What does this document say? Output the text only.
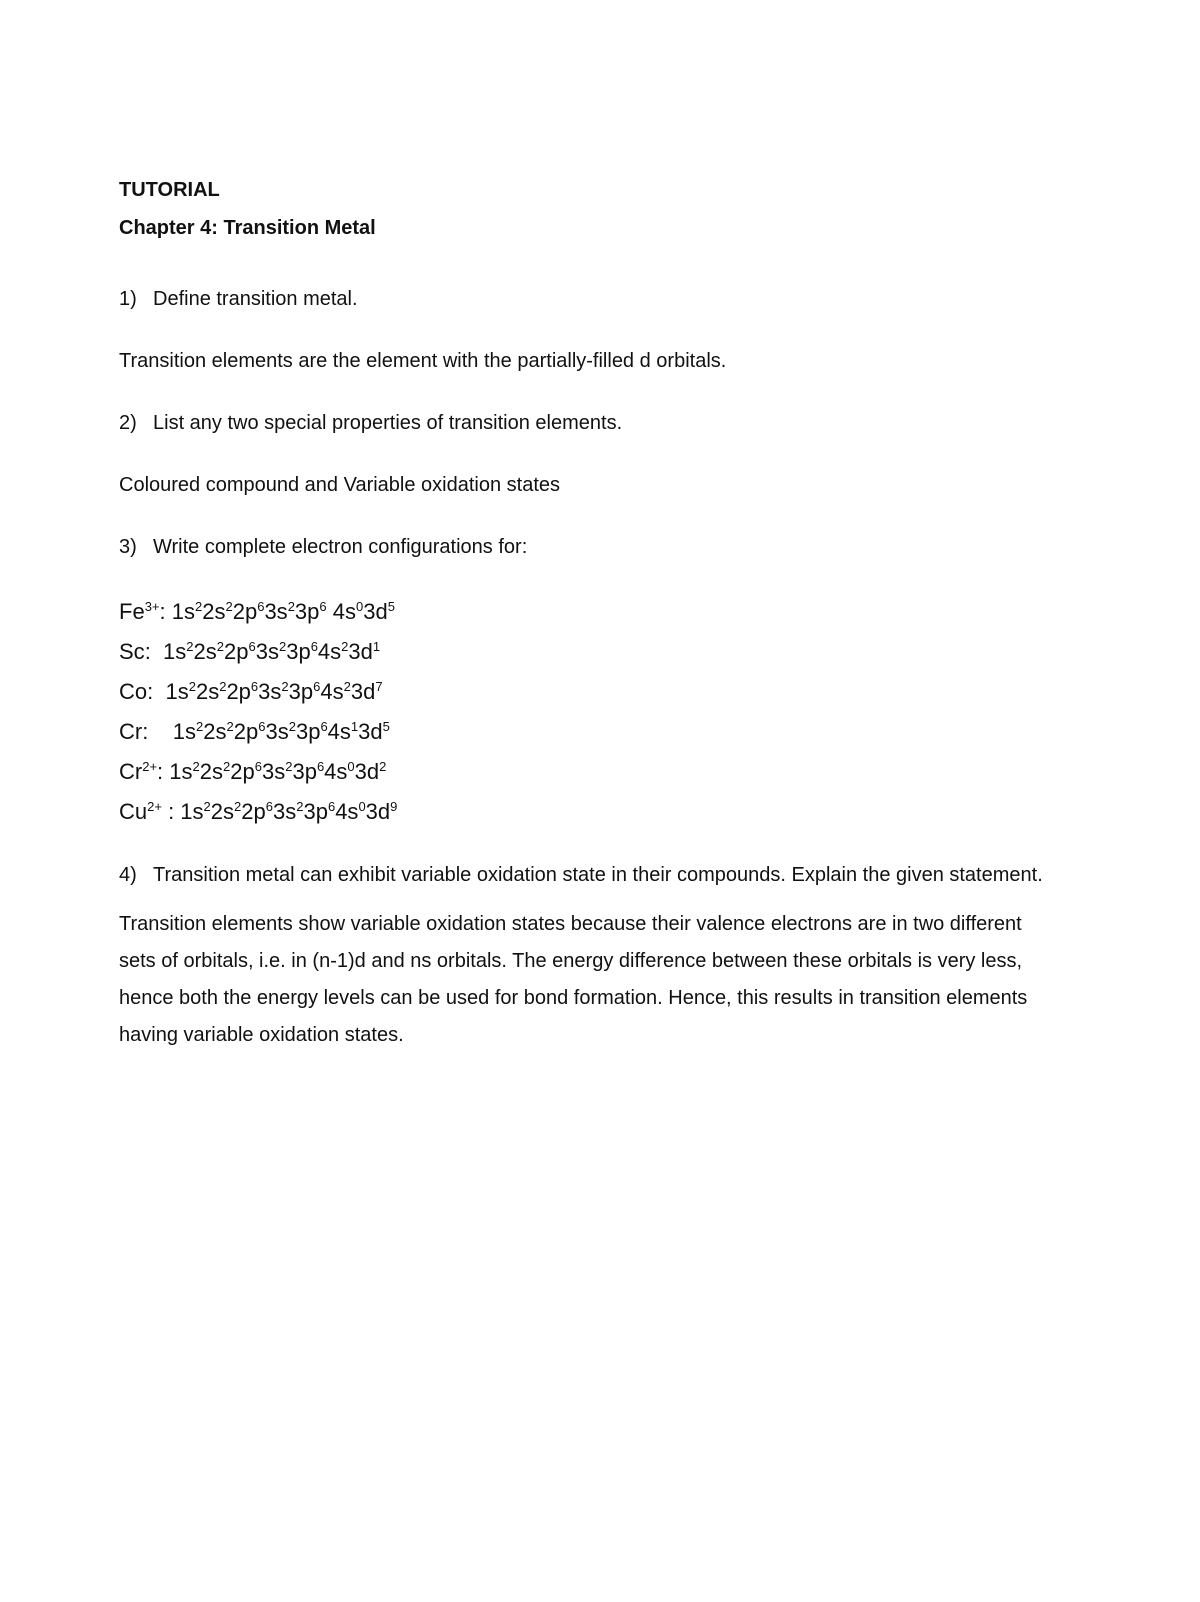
TUTORIAL

Chapter 4: Transition Metal

1) Define transition metal.

Transition elements are the element with the partially-filled d orbitals.

2) List any two special properties of transition elements.

Coloured compound and Variable oxidation states

3) Write complete electron configurations for:
$Fe^{3+}$: $1s^22s^22p^63s^23p^6$ $4s^03d^5$
Sc:  $1s^22s^22p^63s^23p^64s^23d^1$
Co:  $1s^22s^22p^63s^23p^64s^23d^7$
Cr:    $1s^22s^22p^63s^23p^64s^13d^5$
$Cr^{2+}$: $1s^22s^22p^63s^23p^64s^03d^2$
$Cu^{2+}$ : $1s^22s^22p^63s^23p^64s^03d^9$
4) Transition metal can exhibit variable oxidation state in their compounds. Explain the given statement.
Transition elements show variable oxidation states because their valence electrons are in two different
sets of orbitals, i.e. in (n-1)d and ns orbitals. The energy difference between these orbitals is very less,
hence both the energy levels can be used for bond formation. Hence, this results in transition elements
having variable oxidation states.
